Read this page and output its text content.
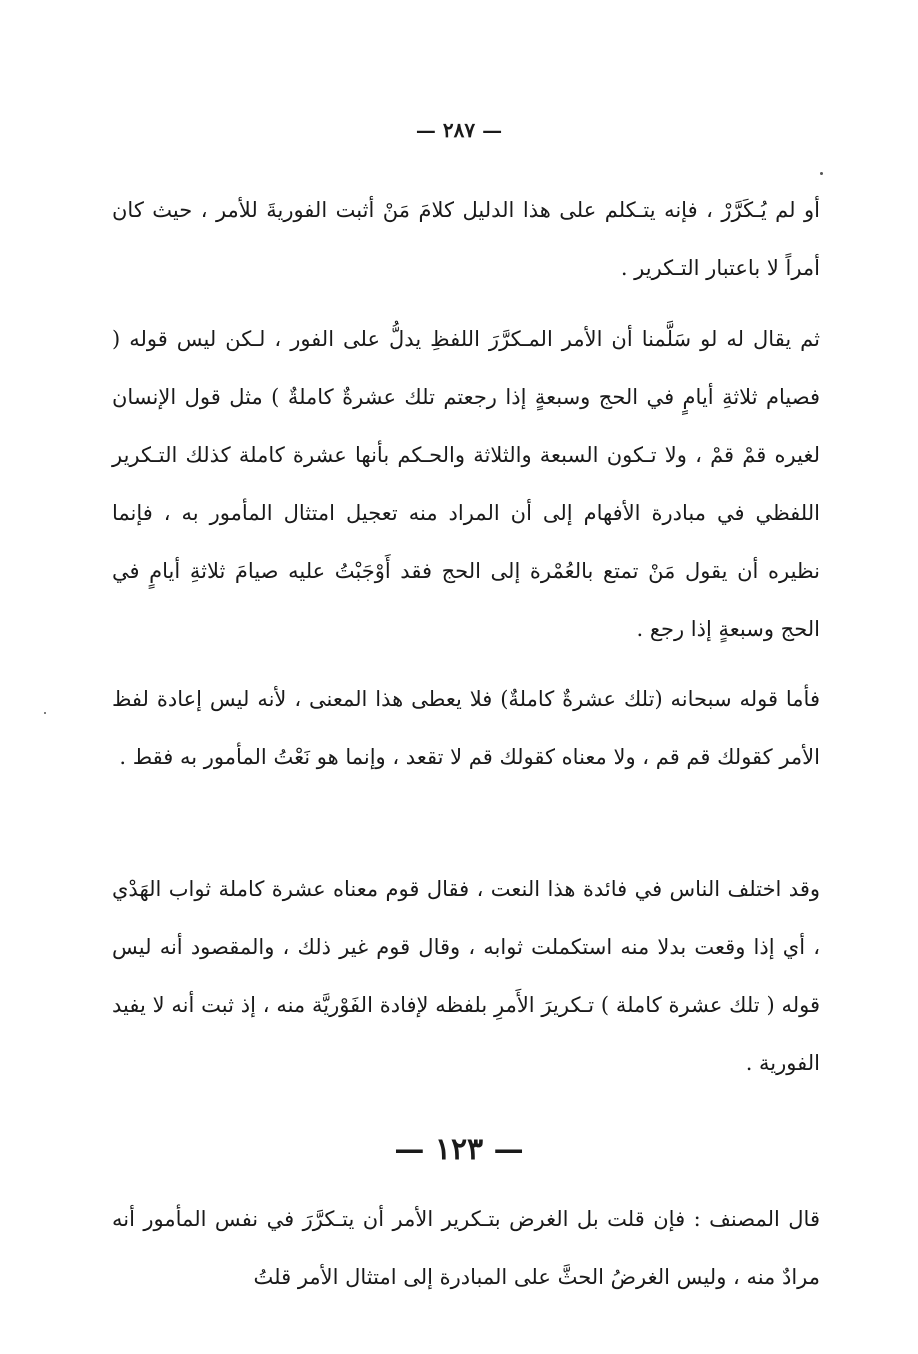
— ٢٨٧ —

أو لم يُـكَرَّرْ ، فإنه يتـكلم على هذا الدليل كلامَ مَنْ أثبت الفوريةَ للأمر ، حيث كان أمراً لا باعتبار التـكرير .

ثم يقال له لو سَلَّمنا أن الأمر المـكرَّرَ اللفظِ يدلُّ على الفور ، لـكن ليس قوله ( فصيام ثلاثةِ أيامٍ في الحج وسبعةٍ إذا رجعتم تلك عشرةٌ كاملةٌ ) مثل قول الإنسان لغيره قمْ قمْ ، ولا تـكون السبعة والثلاثة والحـكم بأنها عشرة كاملة كذلك التـكرير اللفظي في مبادرة الأفهام إلى أن المراد منه تعجيل امتثال المأمور به ، فإنما نظيره أن يقول مَنْ تمتع بالعُمْرة إلى الحج فقد أَوْجَبْتُ عليه صيامَ ثلاثةِ أيامٍ في الحج وسبعةٍ إذا رجع .

فأما قوله سبحانه (تلك عشرةٌ كاملةٌ) فلا يعطى هذا المعنى ، لأنه ليس إعادة لفظ الأمر كقولك قم قم ، ولا معناه كقولك قم لا تقعد ، وإنما هو نَعْتُ المأمور به فقط .

وقد اختلف الناس في فائدة هذا النعت ، فقال قوم معناه عشرة كاملة ثواب الهَدْي ، أي إذا وقعت بدلا منه استكملت ثوابه ، وقال قوم غير ذلك ، والمقصود أنه ليس قوله ( تلك عشرة كاملة ) تـكريرَ الأَمرِ بلفظه لإفادة الفَوْريَّة منه ، إذ ثبت أنه لا يفيد الفورية .

— ١٢٣ —

قال المصنف : فإن قلت بل الغرض بتـكرير الأمر أن يتـكرَّرَ في نفس المأمور أنه مرادٌ منه ، وليس الغرضُ الحثَّ على المبادرة إلى امتثال الأمر قلتُ
